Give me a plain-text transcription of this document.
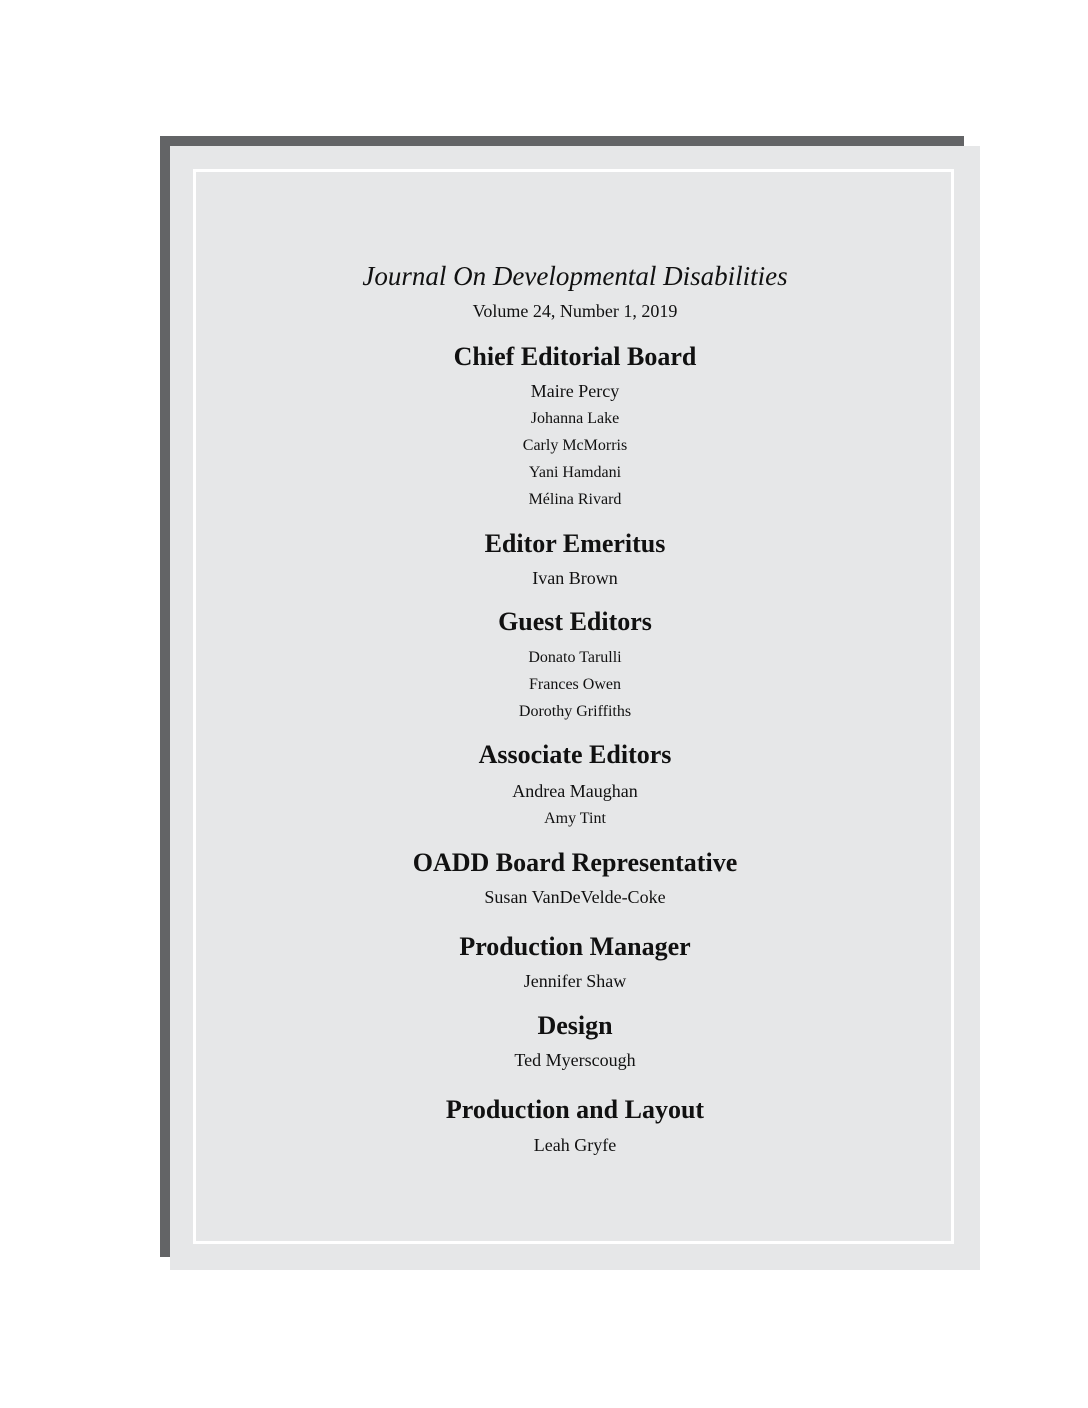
Journal On Developmental Disabilities
Volume 24, Number 1, 2019
Chief Editorial Board
Maire Percy
Johanna Lake
Carly McMorris
Yani Hamdani
Mélina Rivard
Editor Emeritus
Ivan Brown
Guest Editors
Donato Tarulli
Frances Owen
Dorothy Griffiths
Associate Editors
Andrea Maughan
Amy Tint
OADD Board Representative
Susan VanDeVelde-Coke
Production Manager
Jennifer Shaw
Design
Ted Myerscough
Production and Layout
Leah Gryfe
